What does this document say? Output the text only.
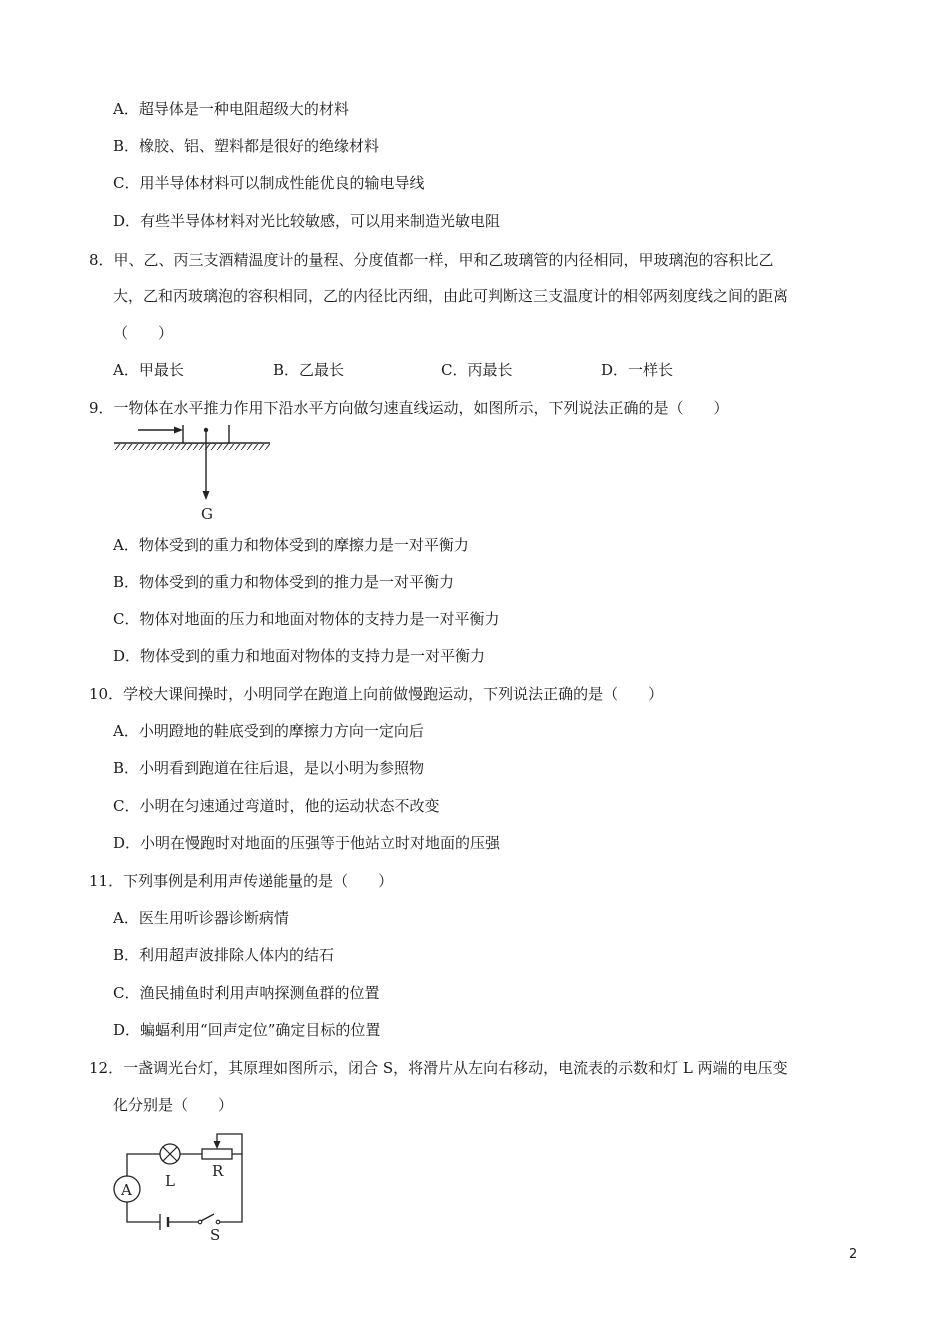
A．超导体是一种电阻超级大的材料
B．橡胶、铝、塑料都是很好的绝缘材料
C．用半导体材料可以制成性能优良的输电导线
D．有些半导体材料对光比较敏感，可以用来制造光敏电阻
8．甲、乙、丙三支酒精温度计的量程、分度值都一样，甲和乙玻璃管的内径相同，甲玻璃泡的容积比乙
大，乙和丙玻璃泡的容积相同，乙的内径比丙细，由此可判断这三支温度计的相邻两刻度线之间的距离
（　　）
A．甲最长	B．乙最长	C．丙最长	D．一样长
9．一物体在水平推力作用下沿水平方向做匀速直线运动，如图所示，下列说法正确的是（　　）
G
A．物体受到的重力和物体受到的摩擦力是一对平衡力
B．物体受到的重力和物体受到的推力是一对平衡力
C．物体对地面的压力和地面对物体的支持力是一对平衡力
D．物体受到的重力和地面对物体的支持力是一对平衡力
10．学校大课间操时，小明同学在跑道上向前做慢跑运动，下列说法正确的是（　　）
A．小明蹬地的鞋底受到的摩擦力方向一定向后
B．小明看到跑道在往后退，是以小明为参照物
C．小明在匀速通过弯道时，他的运动状态不改变
D．小明在慢跑时对地面的压强等于他站立时对地面的压强
11．下列事例是利用声传递能量的是（　　）
A．医生用听诊器诊断病情
B．利用超声波排除人体内的结石
C．渔民捕鱼时利用声呐探测鱼群的位置
D．蝙蝠利用“回声定位”确定目标的位置
12．一盏调光台灯，其原理如图所示，闭合 S，将滑片从左向右移动，电流表的示数和灯 L 两端的电压变
化分别是（　　）
A L
R
S
2
